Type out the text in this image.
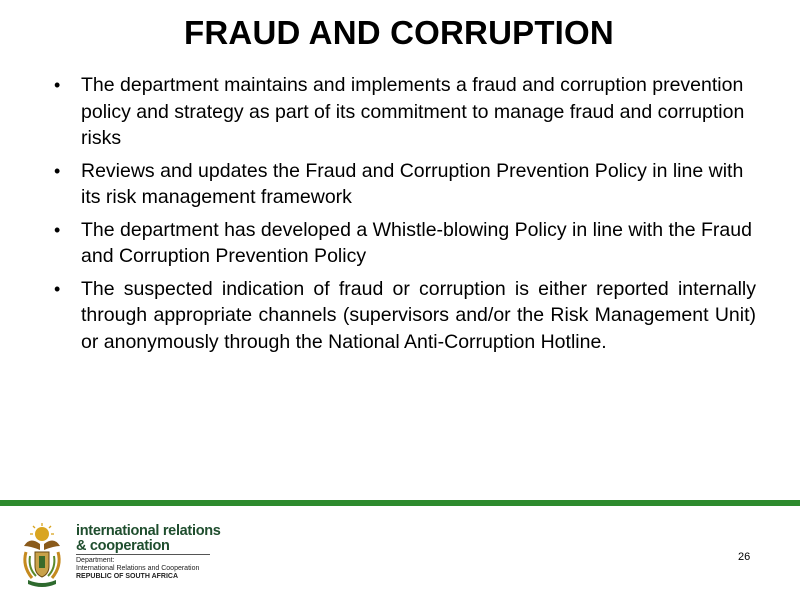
FRAUD AND CORRUPTION
• The department maintains and implements a fraud and corruption prevention policy and strategy as part of its commitment to manage fraud and corruption risks
• Reviews and updates the Fraud and Corruption Prevention Policy in line with its risk management framework
• The department has developed a Whistle-blowing Policy in line with the Fraud and Corruption Prevention Policy
• The suspected indication of fraud or corruption is either reported internally through appropriate channels (supervisors and/or the Risk Management Unit) or anonymously through the National Anti-Corruption Hotline.
international relations
& cooperation
Department:
International Relations and Cooperation
REPUBLIC OF SOUTH AFRICA
26
